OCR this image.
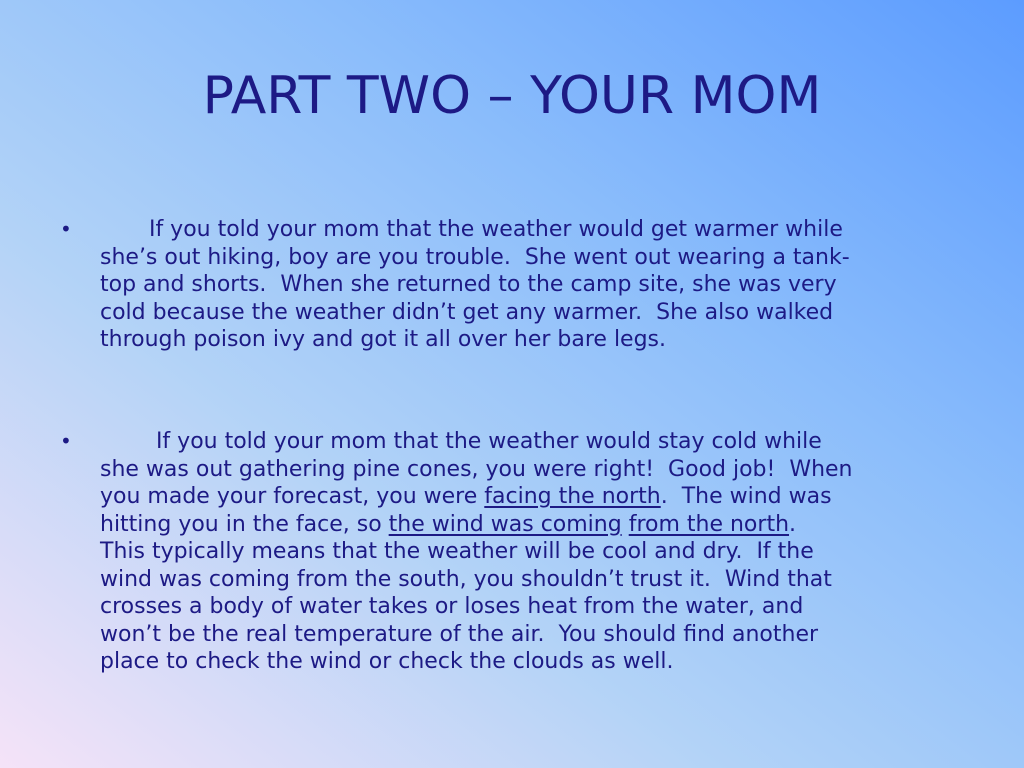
PART TWO – YOUR MOM
• If you told your mom that the weather would get warmer while
she’s out hiking, boy are you trouble.  She went out wearing a tank-
top and shorts.  When she returned to the camp site, she was very
cold because the weather didn’t get any warmer.  She also walked
through poison ivy and got it all over her bare legs.

• If you told your mom that the weather would stay cold while
she was out gathering pine cones, you were right!  Good job!  When
you made your forecast, you were facing the north.  The wind was
hitting you in the face, so the wind was coming from the north.
This typically means that the weather will be cool and dry.  If the
wind was coming from the south, you shouldn’t trust it.  Wind that
crosses a body of water takes or loses heat from the water, and
won’t be the real temperature of the air.  You should find another
place to check the wind or check the clouds as well.
